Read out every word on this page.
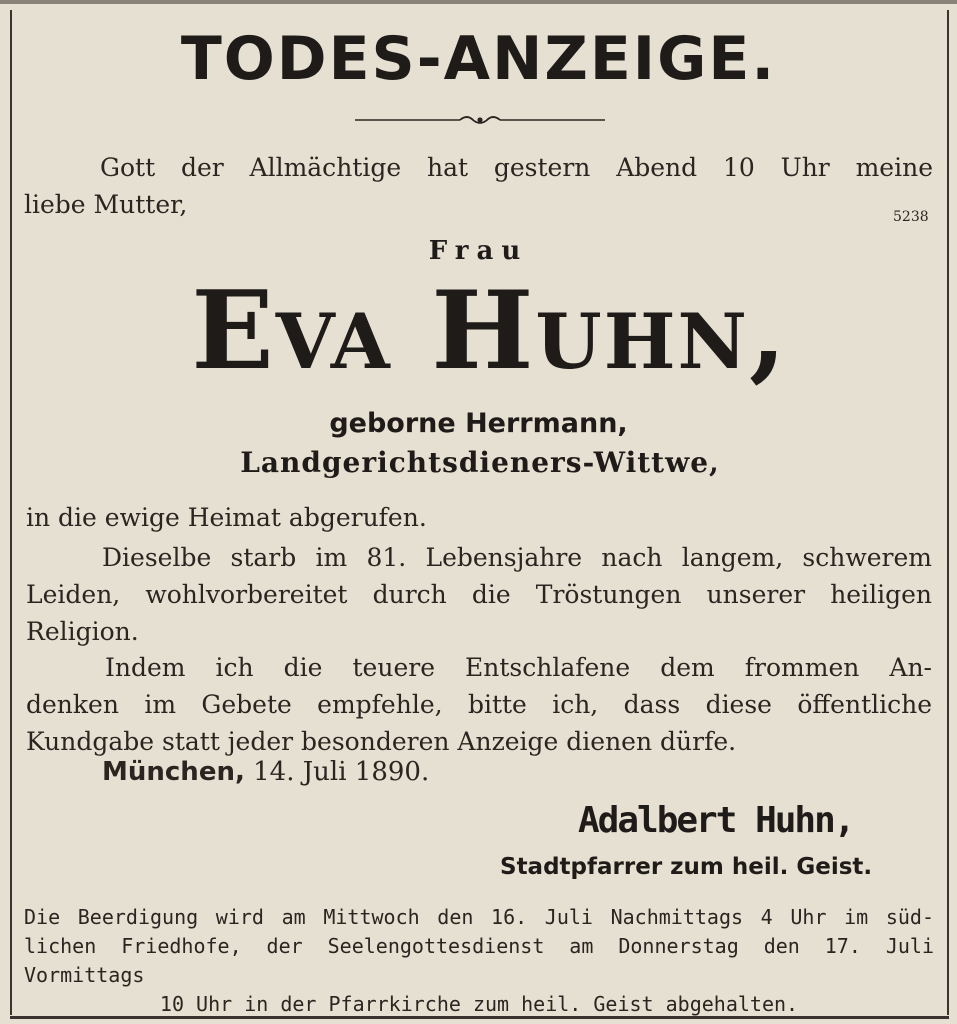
TODES-ANZEIGE.
Gott der Allmächtige hat gestern Abend 10 Uhr meine
liebe Mutter,	5238
Frau
Eva Huhn,
geborne Herrmann,
Landgerichtsdieners-Wittwe,
in die ewige Heimat abgerufen.
Dieselbe starb im 81. Lebensjahre nach langem, schwerem
Leiden, wohlvorbereitet durch die Tröstungen unserer heiligen
Religion.
Indem ich die teuere Entschlafene dem frommen An-
denken im Gebete empfehle, bitte ich, dass diese öffentliche
Kundgabe statt jeder besonderen Anzeige dienen dürfe.
München, 14. Juli 1890.
Adalbert Huhn,
Stadtpfarrer zum heil. Geist.
Die Beerdigung wird am Mittwoch den 16. Juli Nachmittags 4 Uhr im süd-
lichen Friedhofe, der Seelengottesdienst am Donnerstag den 17. Juli Vormittags
10 Uhr in der Pfarrkirche zum heil. Geist abgehalten.
